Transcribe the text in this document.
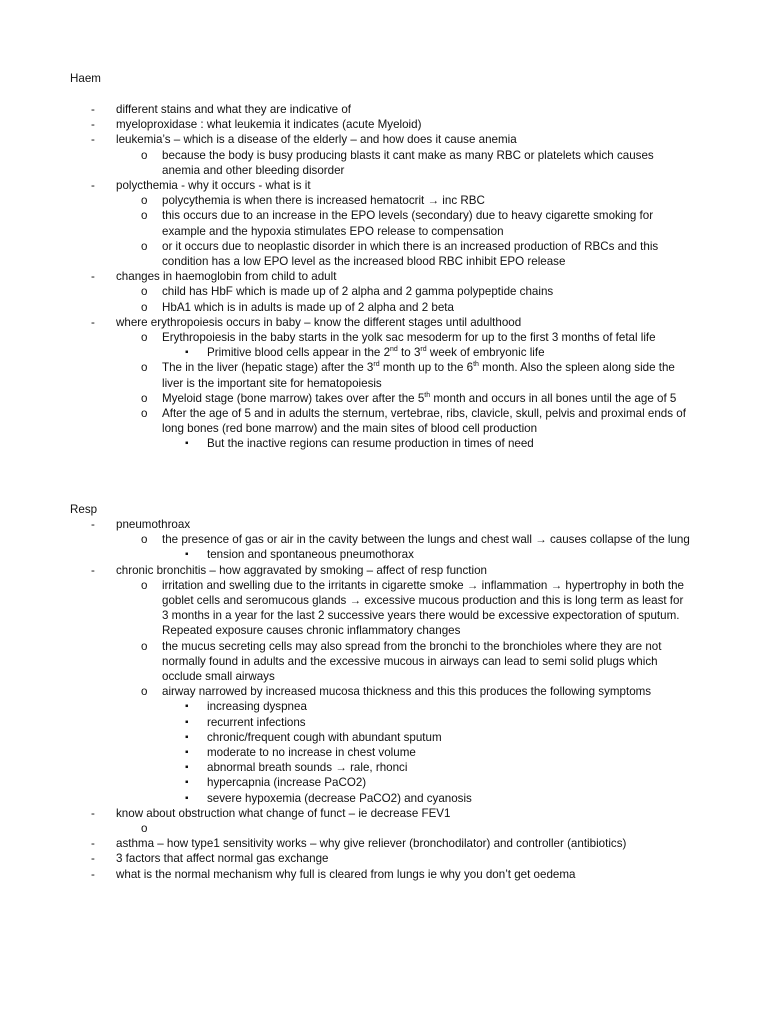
Haem
- different stains and what they are indicative of
- myeloproxidase : what leukemia it indicates (acute Myeloid)
- leukemia’s – which is a disease of the elderly – and how does it cause anemia
o because the body is busy producing blasts it cant make as many RBC or platelets which causes anemia and other bleeding disorder
- polycthemia - why it occurs - what is it
o polycythemia is when there is increased hematocrit → inc RBC
o this occurs due to an increase in the EPO levels (secondary) due to heavy cigarette smoking for example and the hypoxia stimulates EPO release to compensation
o or it occurs due to neoplastic disorder in which there is an increased production of RBCs and this condition has a low EPO level as the increased blood RBC inhibit EPO release
- changes in haemoglobin from child to adult
o child has HbF which is made up of 2 alpha and 2 gamma polypeptide chains
o HbA1 which is in adults is made up of 2 alpha and 2 beta
- where erythropoiesis occurs in baby – know the different stages until adulthood
o Erythropoiesis in the baby starts in the yolk sac mesoderm for up to the first 3 months of fetal life
▪ Primitive blood cells appear in the 2nd to 3rd week of embryonic life
o The in the liver (hepatic stage) after the 3rd month up to the 6th month. Also the spleen along side the liver is the important site for hematopoiesis
o Myeloid stage (bone marrow) takes over after the 5th month and occurs in all bones until the age of 5
o After the age of 5 and in adults the sternum, vertebrae, ribs, clavicle, skull, pelvis and proximal ends of long bones (red bone marrow) and the main sites of blood cell production
▪ But the inactive regions can resume production in times of need
Resp
- pneumothroax
o the presence of gas or air in the cavity between the lungs and chest wall → causes collapse of the lung
▪ tension and spontaneous pneumothorax
- chronic bronchitis – how aggravated by smoking – affect of resp function
o irritation and swelling due to the irritants in cigarette smoke → inflammation → hypertrophy in both the goblet cells and seromucous glands → excessive mucous production and this is long term as least for 3 months in a year for the last 2 successive years there would be excessive expectoration of sputum. Repeated exposure causes chronic inflammatory changes
o the mucus secreting cells may also spread from the bronchi to the bronchioles where they are not normally found in adults and the excessive mucous in airways can lead to semi solid plugs which occlude small airways
o airway narrowed by increased mucosa thickness and this this produces the following symptoms
▪ increasing dyspnea
▪ recurrent infections
▪ chronic/frequent cough with abundant sputum
▪ moderate to no increase in chest volume
▪ abnormal breath sounds → rale, rhonci
▪ hypercapnia (increase PaCO2)
▪ severe hypoxemia (decrease PaCO2) and cyanosis
- know about obstruction what change of funct – ie decrease FEV1
o

- asthma – how type1 sensitivity works – why give reliever (bronchodilator) and controller (antibiotics)
- 3 factors that affect normal gas exchange
- what is the normal mechanism why full is cleared from lungs ie why you don’t get oedema
